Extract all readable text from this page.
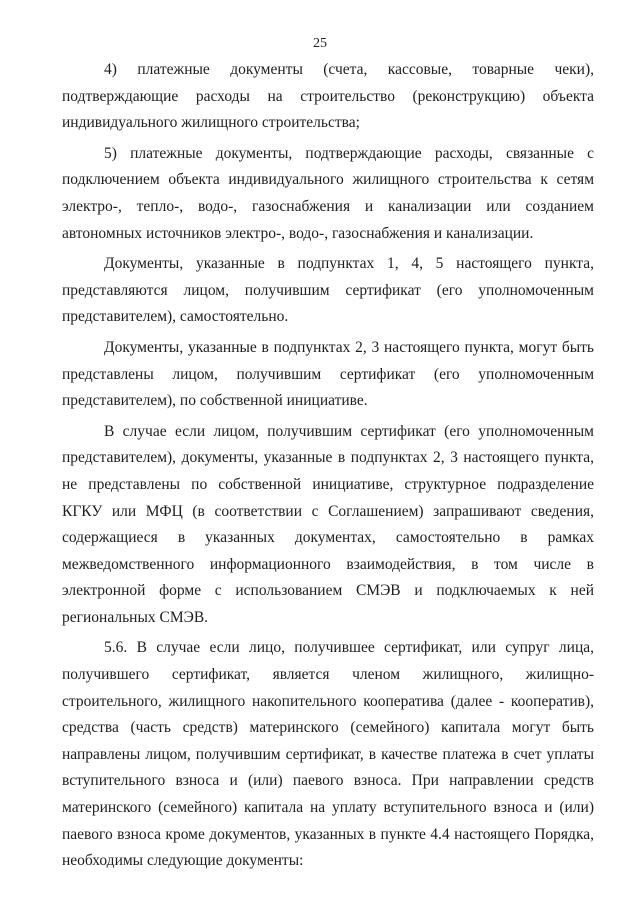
25

4) платежные документы (счета, кассовые, товарные чеки), подтверждающие расходы на строительство (реконструкцию) объекта индивидуального жилищного строительства;

5) платежные документы, подтверждающие расходы, связанные с подключением объекта индивидуального жилищного строительства к сетям электро-, тепло-, водо-, газоснабжения и канализации или созданием автономных источников электро-, водо-, газоснабжения и канализации.

Документы, указанные в подпунктах 1, 4, 5 настоящего пункта, представляются лицом, получившим сертификат (его уполномоченным представителем), самостоятельно.

Документы, указанные в подпунктах 2, 3 настоящего пункта, могут быть представлены лицом, получившим сертификат (его уполномоченным представителем), по собственной инициативе.

В случае если лицом, получившим сертификат (его уполномоченным представителем), документы, указанные в подпунктах 2, 3 настоящего пункта, не представлены по собственной инициативе, структурное подразделение КГКУ или МФЦ (в соответствии с Соглашением) запрашивают сведения, содержащиеся в указанных документах, самостоятельно в рамках межведомственного информационного взаимодействия, в том числе в электронной форме с использованием СМЭВ и подключаемых к ней региональных СМЭВ.

5.6. В случае если лицо, получившее сертификат, или супруг лица, получившего сертификат, является членом жилищного, жилищно-строительного, жилищного накопительного кооператива (далее - кооператив), средства (часть средств) материнского (семейного) капитала могут быть направлены лицом, получившим сертификат, в качестве платежа в счет уплаты вступительного взноса и (или) паевого взноса. При направлении средств материнского (семейного) капитала на уплату вступительного взноса и (или) паевого взноса кроме документов, указанных в пункте 4.4 настоящего Порядка, необходимы следующие документы:
